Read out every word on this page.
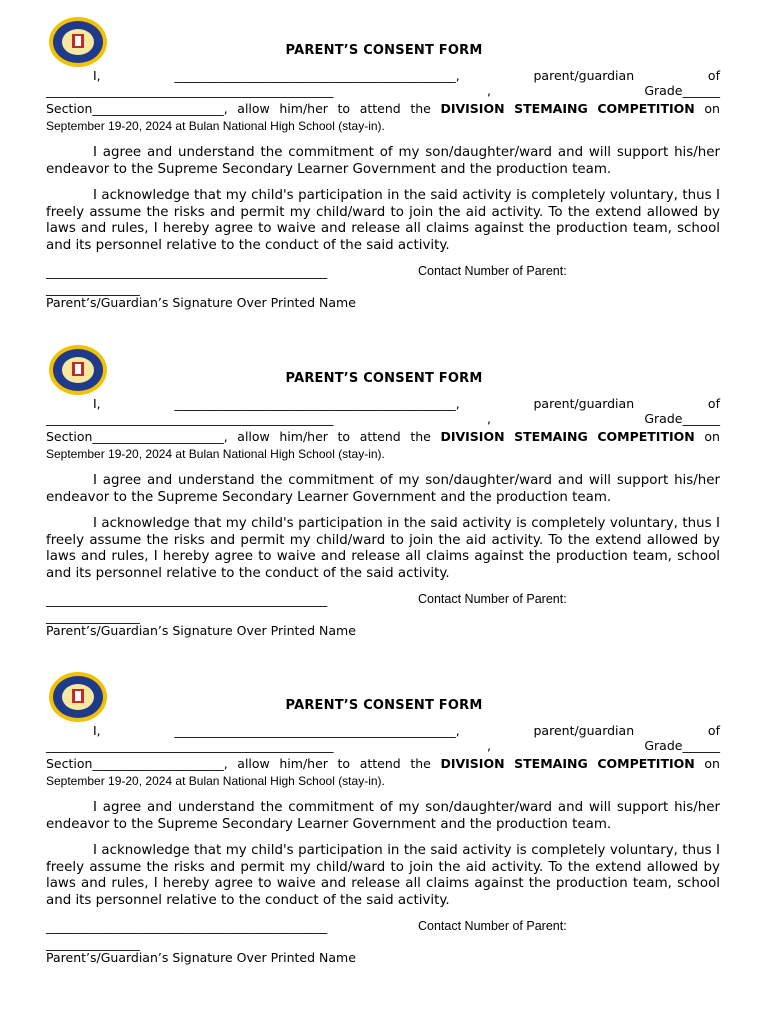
PARENT’S CONSENT FORM
I,	_____________________________________________,	parent/guardian	of
______________________________________________	,	Grade______
Section_____________________, allow him/her to attend the DIVISION STEMAING COMPETITION on
September 19-20, 2024 at Bulan National High School (stay-in).
I agree and understand the commitment of my son/daughter/ward and will support his/her endeavor to the Supreme Secondary Learner Government and the production team.
I acknowledge that my child's participation in the said activity is completely voluntary, thus I freely assume the risks and permit my child/ward to join the aid activity. To the extend allowed by laws and rules, I hereby agree to waive and release all claims against the production team, school and its personnel relative to the conduct of the said activity.
_____________________________________________	Contact Number of Parent:
_______________
Parent’s/Guardian’s Signature Over Printed Name
PARENT’S CONSENT FORM
I,	_____________________________________________,	parent/guardian	of
______________________________________________	,	Grade______
Section_____________________, allow him/her to attend the DIVISION STEMAING COMPETITION on
September 19-20, 2024 at Bulan National High School (stay-in).
I agree and understand the commitment of my son/daughter/ward and will support his/her endeavor to the Supreme Secondary Learner Government and the production team.
I acknowledge that my child's participation in the said activity is completely voluntary, thus I freely assume the risks and permit my child/ward to join the aid activity. To the extend allowed by laws and rules, I hereby agree to waive and release all claims against the production team, school and its personnel relative to the conduct of the said activity.
_____________________________________________	Contact Number of Parent:
_______________
Parent’s/Guardian’s Signature Over Printed Name
PARENT’S CONSENT FORM
I,	_____________________________________________,	parent/guardian	of
______________________________________________	,	Grade______
Section_____________________, allow him/her to attend the DIVISION STEMAING COMPETITION on
September 19-20, 2024 at Bulan National High School (stay-in).
I agree and understand the commitment of my son/daughter/ward and will support his/her endeavor to the Supreme Secondary Learner Government and the production team.
I acknowledge that my child's participation in the said activity is completely voluntary, thus I freely assume the risks and permit my child/ward to join the aid activity. To the extend allowed by laws and rules, I hereby agree to waive and release all claims against the production team, school and its personnel relative to the conduct of the said activity.
_____________________________________________	Contact Number of Parent:
_______________
Parent’s/Guardian’s Signature Over Printed Name
